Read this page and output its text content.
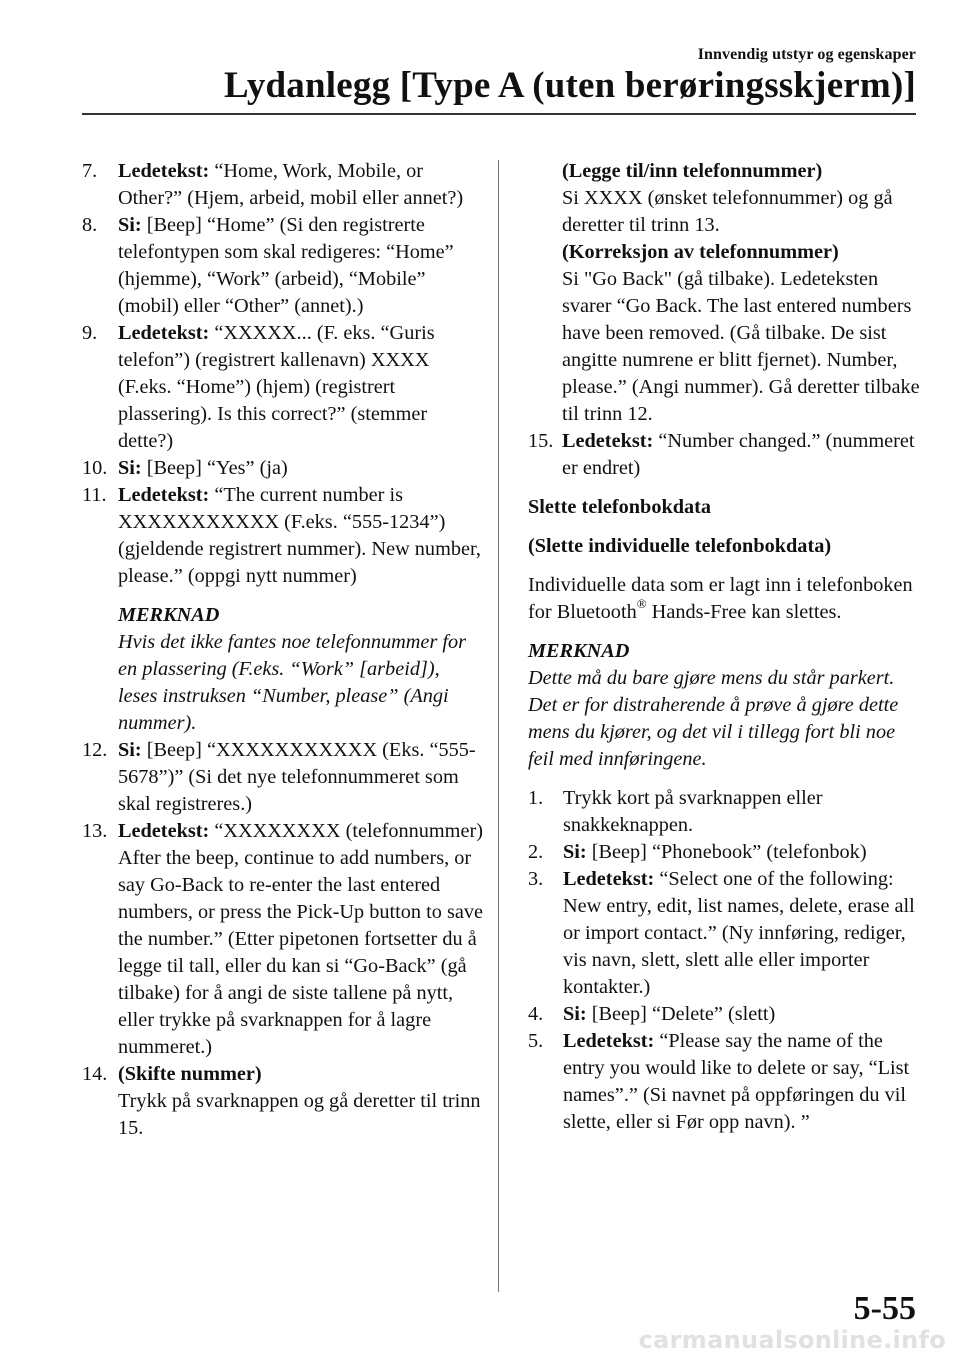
Innvendig utstyr og egenskaper
Lydanlegg [Type A (uten berøringsskjerm)]
7.	Ledetekst: “Home, Work, Mobile, or Other?” (Hjem, arbeid, mobil eller annet?)
8.	Si: [Beep] “Home” (Si den registrerte telefontypen som skal redigeres: “Home” (hjemme), “Work” (arbeid), “Mobile” (mobil) eller “Other” (annet).)
9.	Ledetekst: “XXXXX... (F. eks. “Guris telefon”) (registrert kallenavn) XXXX (F.eks. “Home”) (hjem) (registrert plassering). Is this correct?” (stemmer dette?)
10. Si: [Beep] “Yes” (ja)
11. Ledetekst: “The current number is XXXXXXXXXXX (F.eks. “555-1234”) (gjeldende registrert nummer). New number, please.” (oppgi nytt nummer)
MERKNAD
Hvis det ikke fantes noe telefonnummer for en plassering (F.eks. “Work” [arbeid]), leses instruksen “Number, please” (Angi nummer).
12. Si: [Beep] “XXXXXXXXXXX (Eks. “555-5678”)” (Si det nye telefonnummeret som skal registreres.)
13. Ledetekst: “XXXXXXXX (telefonnummer) After the beep, continue to add numbers, or say Go-Back to re-enter the last entered numbers, or press the Pick-Up button to save the number.” (Etter pipetonen fortsetter du å legge til tall, eller du kan si “Go-Back” (gå tilbake) for å angi de siste tallene på nytt, eller trykke på svarknappen for å lagre nummeret.)
14. (Skifte nummer)
Trykk på svarknappen og gå deretter til trinn 15.
(Legge til/inn telefonnummer)
Si XXXX (ønsket telefonnummer) og gå deretter til trinn 13.
(Korreksjon av telefonnummer)
Si "Go Back" (gå tilbake). Ledeteksten svarer “Go Back. The last entered numbers have been removed. (Gå tilbake. De sist angitte numrene er blitt fjernet). Number, please.” (Angi nummer). Gå deretter tilbake til trinn 12.
15. Ledetekst: “Number changed.” (nummeret er endret)
Slette telefonbokdata
(Slette individuelle telefonbokdata)
Individuelle data som er lagt inn i telefonboken for Bluetooth® Hands-Free kan slettes.
MERKNAD
Dette må du bare gjøre mens du står parkert. Det er for distraherende å prøve å gjøre dette mens du kjører, og det vil i tillegg fort bli noe feil med innføringene.
1. Trykk kort på svarknappen eller snakkeknappen.
2. Si: [Beep] “Phonebook” (telefonbok)
3. Ledetekst: “Select one of the following: New entry, edit, list names, delete, erase all or import contact.” (Ny innføring, rediger, vis navn, slett, slett alle eller importer kontakter.)
4. Si: [Beep] “Delete” (slett)
5. Ledetekst: “Please say the name of the entry you would like to delete or say, “List names”.” (Si navnet på oppføringen du vil slette, eller si Før opp navn). ”
5-55
carmanualsonline.info
